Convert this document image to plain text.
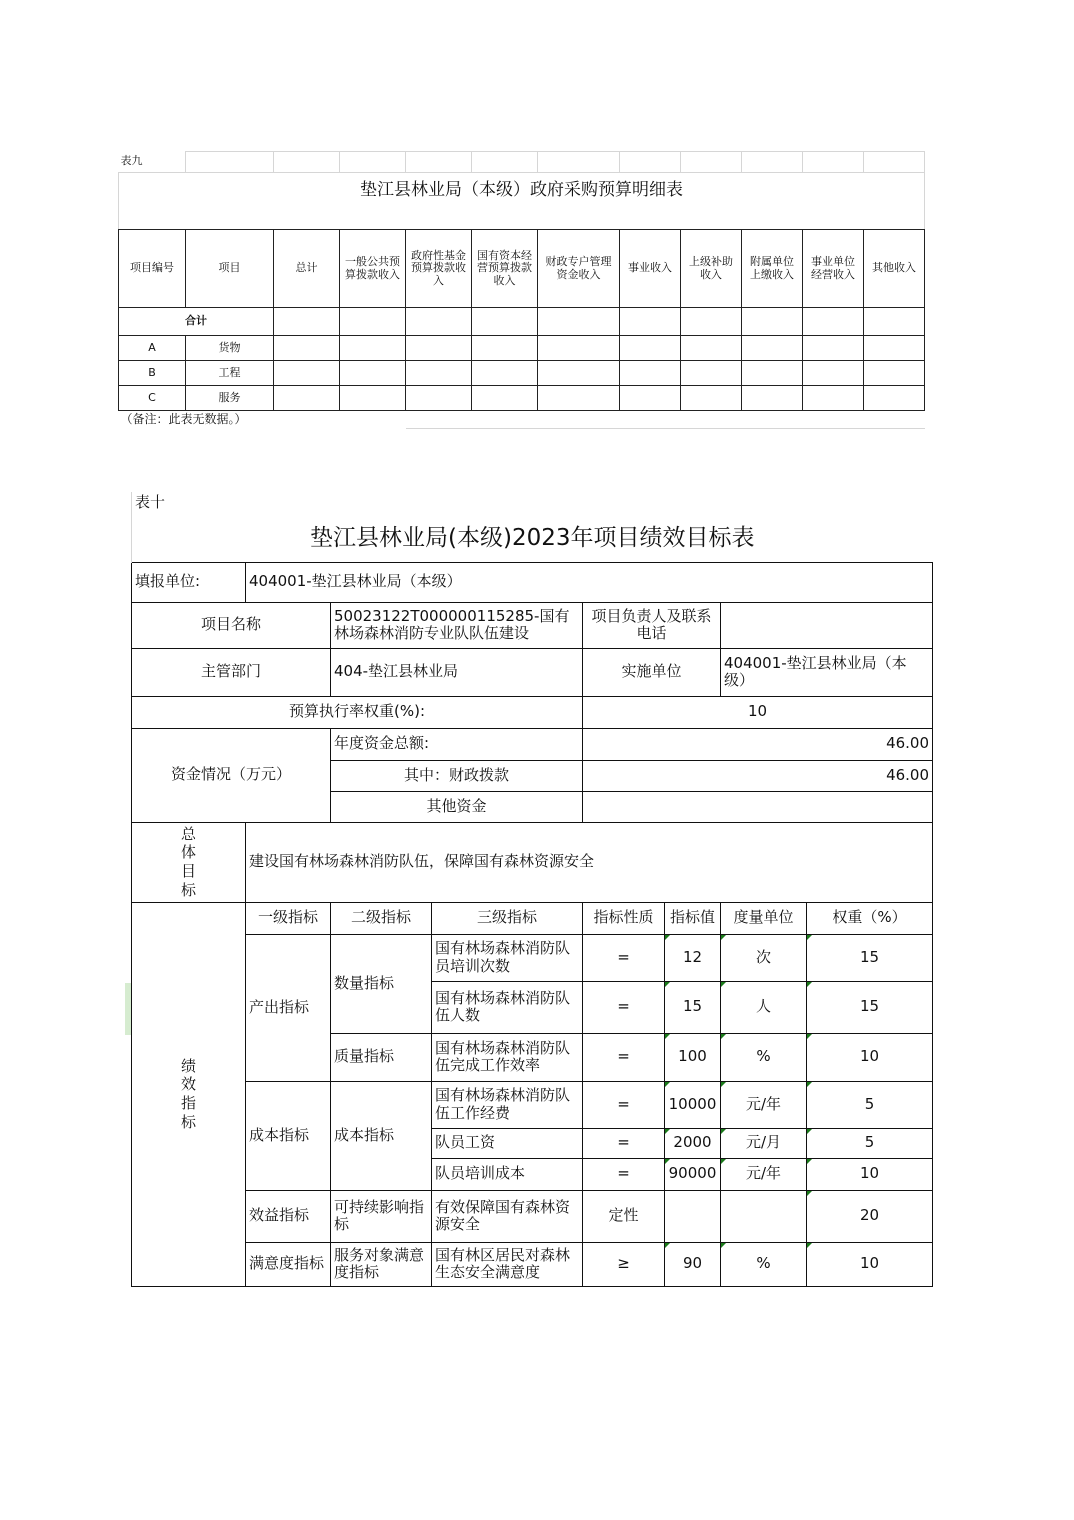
表九											
垫江县林业局（本级）政府采购预算明细表											

项目编号	项目	总计	一般公共预算拨款收入	政府性基金预算拨款收入	国有资本经营预算拨款收入	财政专户管理资金收入	事业收入	上级补助收入	附属单位上缴收入	事业单位经营收入	其他收入
合计											
A	货物										
B	工程										
C	服务										
（备注：此表无数据。）											
表十							
垫江县林业局(本级)2023年项目绩效目标表							
填报单位:	404001-垫江县林业局（本级）						
项目名称		50023122T000000115285-国有林场森林消防专业队队伍建设		项目负责人及联系电话			
主管部门		404-垫江县林业局		实施单位		404001-垫江县林业局（本级）	
预算执行率权重(%):				10			
资金情况（万元）		年度资金总额:		46.00			
		其中：财政拨款		46.00			
		其他资金					
总体目标	建设国有林场森林消防队伍，保障国有森林资源安全						
绩效指标	一级指标	二级指标	三级指标	指标性质	指标值	度量单位	权重（%）
	产出指标	数量指标	国有林场森林消防队员培训次数	=	12	次	15
			国有林场森林消防队伍人数	=	15	人	15
		质量指标	国有林场森林消防队伍完成工作效率	=	100	%	10
	成本指标	成本指标	国有林场森林消防队伍工作经费	=	10000	元/年	5
			队员工资	=	2000	元/月	5
			队员培训成本	=	90000	元/年	10
	效益指标	可持续影响指标	有效保障国有森林资源安全	定性			20
	满意度指标	服务对象满意度指标	国有林区居民对森林生态安全满意度	≥	90	%	10
